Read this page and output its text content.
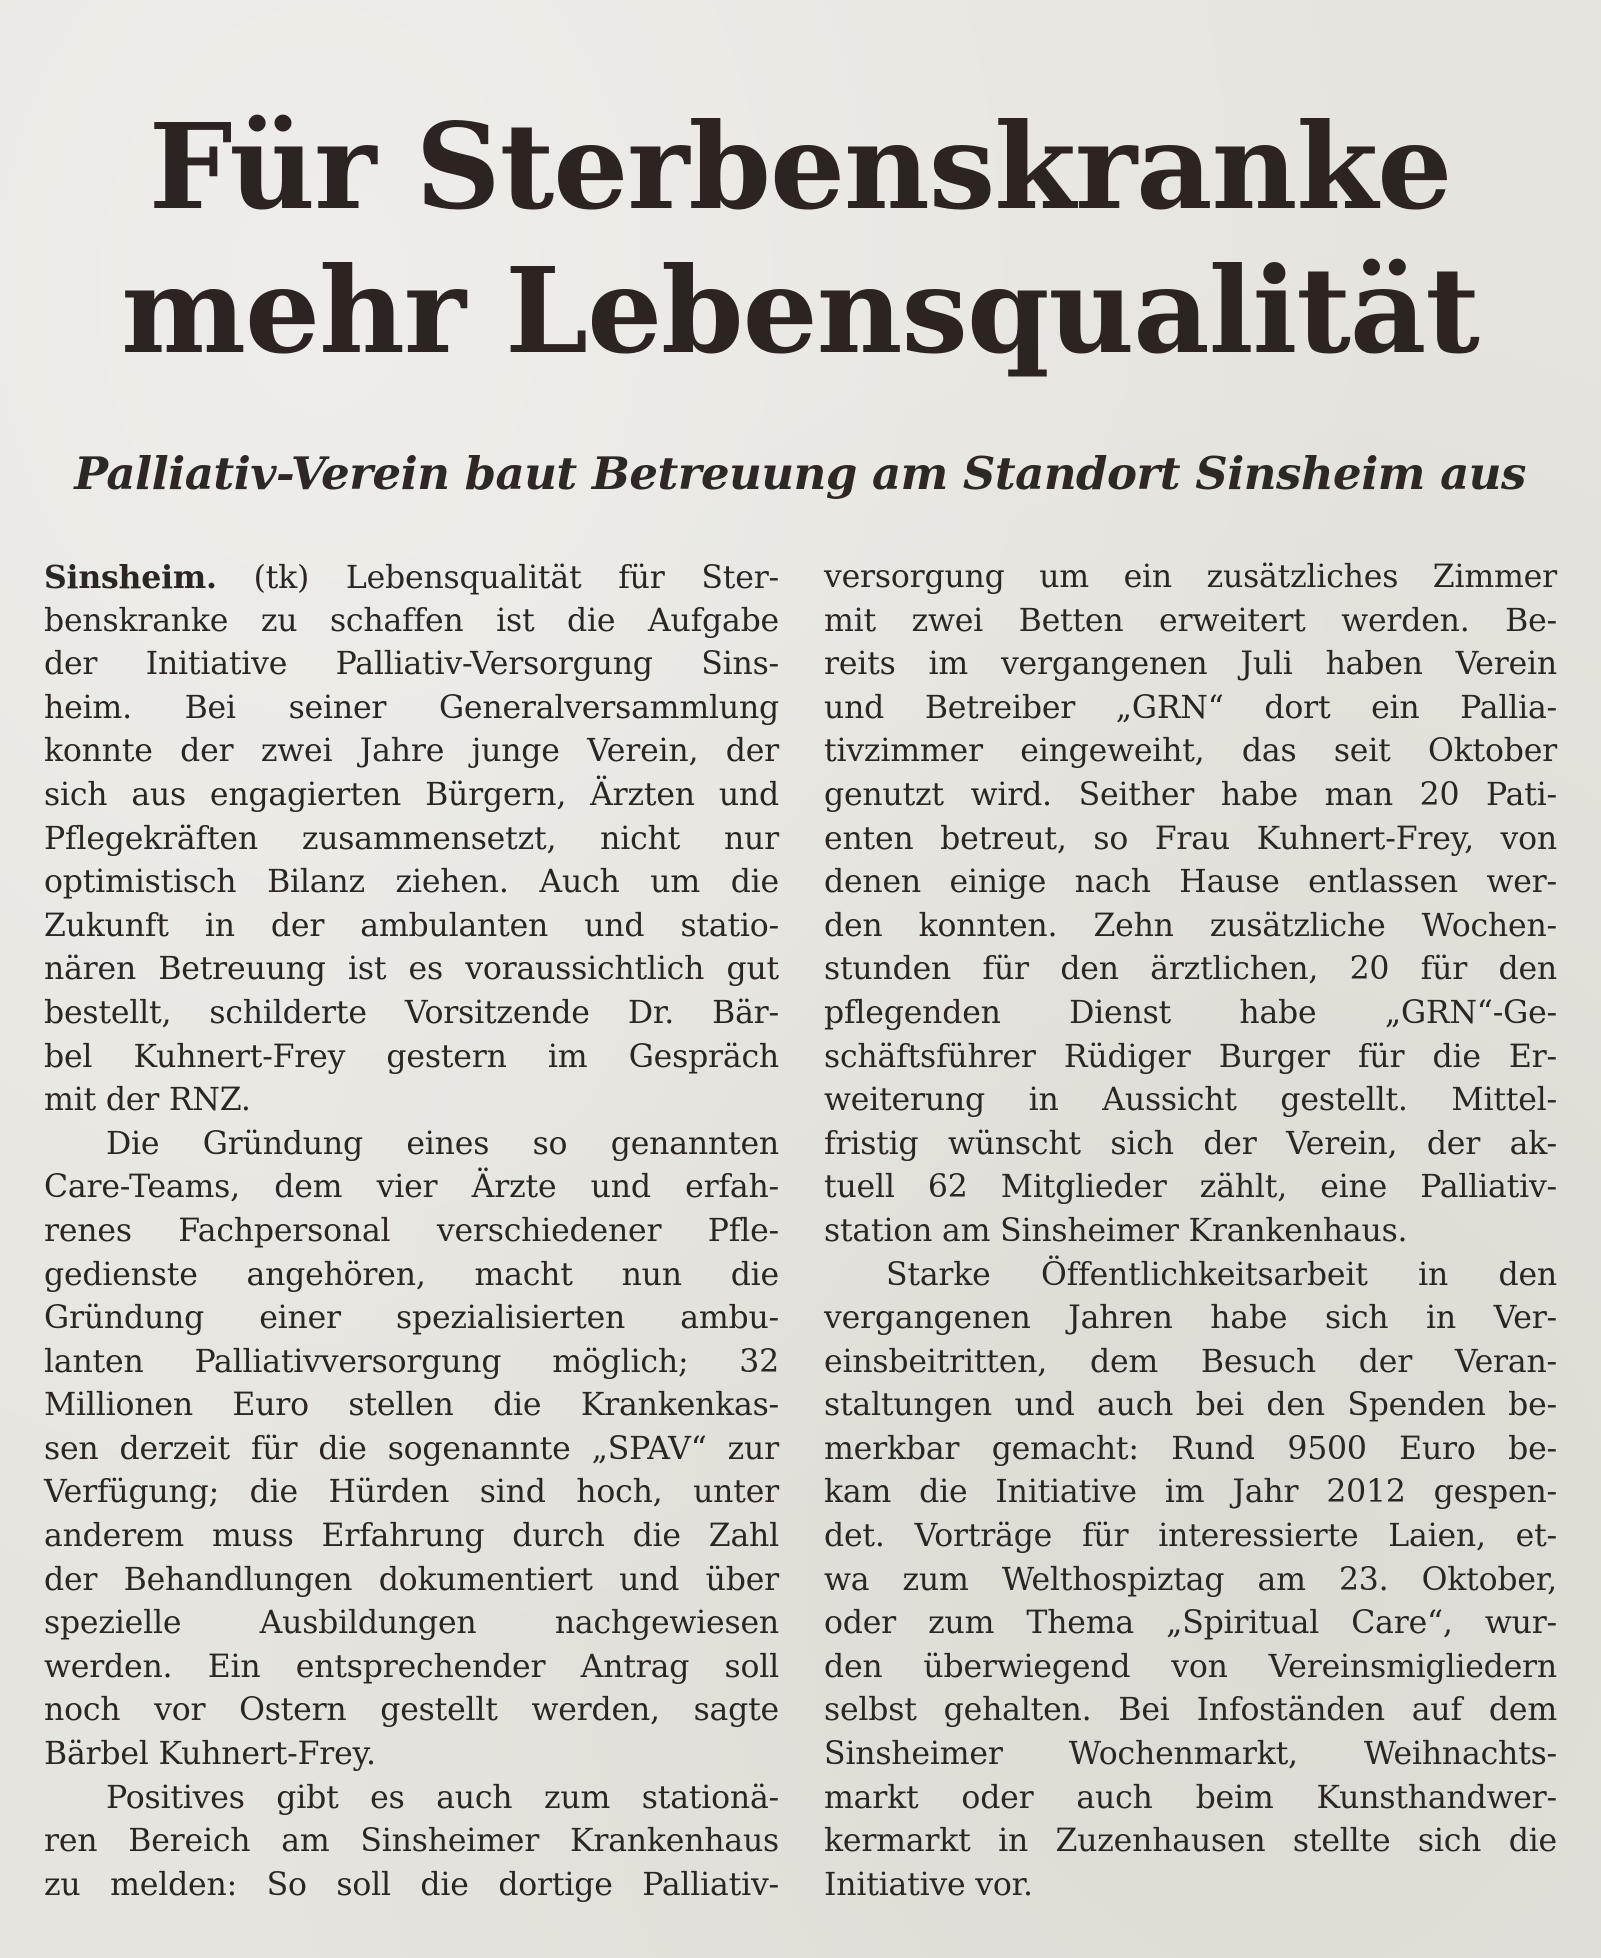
Für Sterbenskranke
mehr Lebensqualität
Palliativ-Verein baut Betreuung am Standort Sinsheim aus
Sinsheim. (tk) Lebensqualität für Ster-
benskranke zu schaffen ist die Aufgabe
der Initiative Palliativ-Versorgung Sins-
heim. Bei seiner Generalversammlung
konnte der zwei Jahre junge Verein, der
sich aus engagierten Bürgern, Ärzten und
Pflegekräften zusammensetzt, nicht nur
optimistisch Bilanz ziehen. Auch um die
Zukunft in der ambulanten und statio-
nären Betreuung ist es voraussichtlich gut
bestellt, schilderte Vorsitzende Dr. Bär-
bel Kuhnert-Frey gestern im Gespräch
mit der RNZ.
Die Gründung eines so genannten
Care-Teams, dem vier Ärzte und erfah-
renes Fachpersonal verschiedener Pfle-
gedienste angehören, macht nun die
Gründung einer spezialisierten ambu-
lanten Palliativversorgung möglich; 32
Millionen Euro stellen die Krankenkas-
sen derzeit für die sogenannte „SPAV“ zur
Verfügung; die Hürden sind hoch, unter
anderem muss Erfahrung durch die Zahl
der Behandlungen dokumentiert und über
spezielle Ausbildungen nachgewiesen
werden. Ein entsprechender Antrag soll
noch vor Ostern gestellt werden, sagte
Bärbel Kuhnert-Frey.
Positives gibt es auch zum stationä-
ren Bereich am Sinsheimer Krankenhaus
zu melden: So soll die dortige Palliativ-
versorgung um ein zusätzliches Zimmer
mit zwei Betten erweitert werden. Be-
reits im vergangenen Juli haben Verein
und Betreiber „GRN“ dort ein Pallia-
tivzimmer eingeweiht, das seit Oktober
genutzt wird. Seither habe man 20 Pati-
enten betreut, so Frau Kuhnert-Frey, von
denen einige nach Hause entlassen wer-
den konnten. Zehn zusätzliche Wochen-
stunden für den ärztlichen, 20 für den
pflegenden Dienst habe „GRN“-Ge-
schäftsführer Rüdiger Burger für die Er-
weiterung in Aussicht gestellt. Mittel-
fristig wünscht sich der Verein, der ak-
tuell 62 Mitglieder zählt, eine Palliativ-
station am Sinsheimer Krankenhaus.
Starke Öffentlichkeitsarbeit in den
vergangenen Jahren habe sich in Ver-
einsbeitritten, dem Besuch der Veran-
staltungen und auch bei den Spenden be-
merkbar gemacht: Rund 9500 Euro be-
kam die Initiative im Jahr 2012 gespen-
det. Vorträge für interessierte Laien, et-
wa zum Welthospiztag am 23. Oktober,
oder zum Thema „Spiritual Care“, wur-
den überwiegend von Vereinsmigliedern
selbst gehalten. Bei Infoständen auf dem
Sinsheimer Wochenmarkt, Weihnachts-
markt oder auch beim Kunsthandwer-
kermarkt in Zuzenhausen stellte sich die
Initiative vor.
